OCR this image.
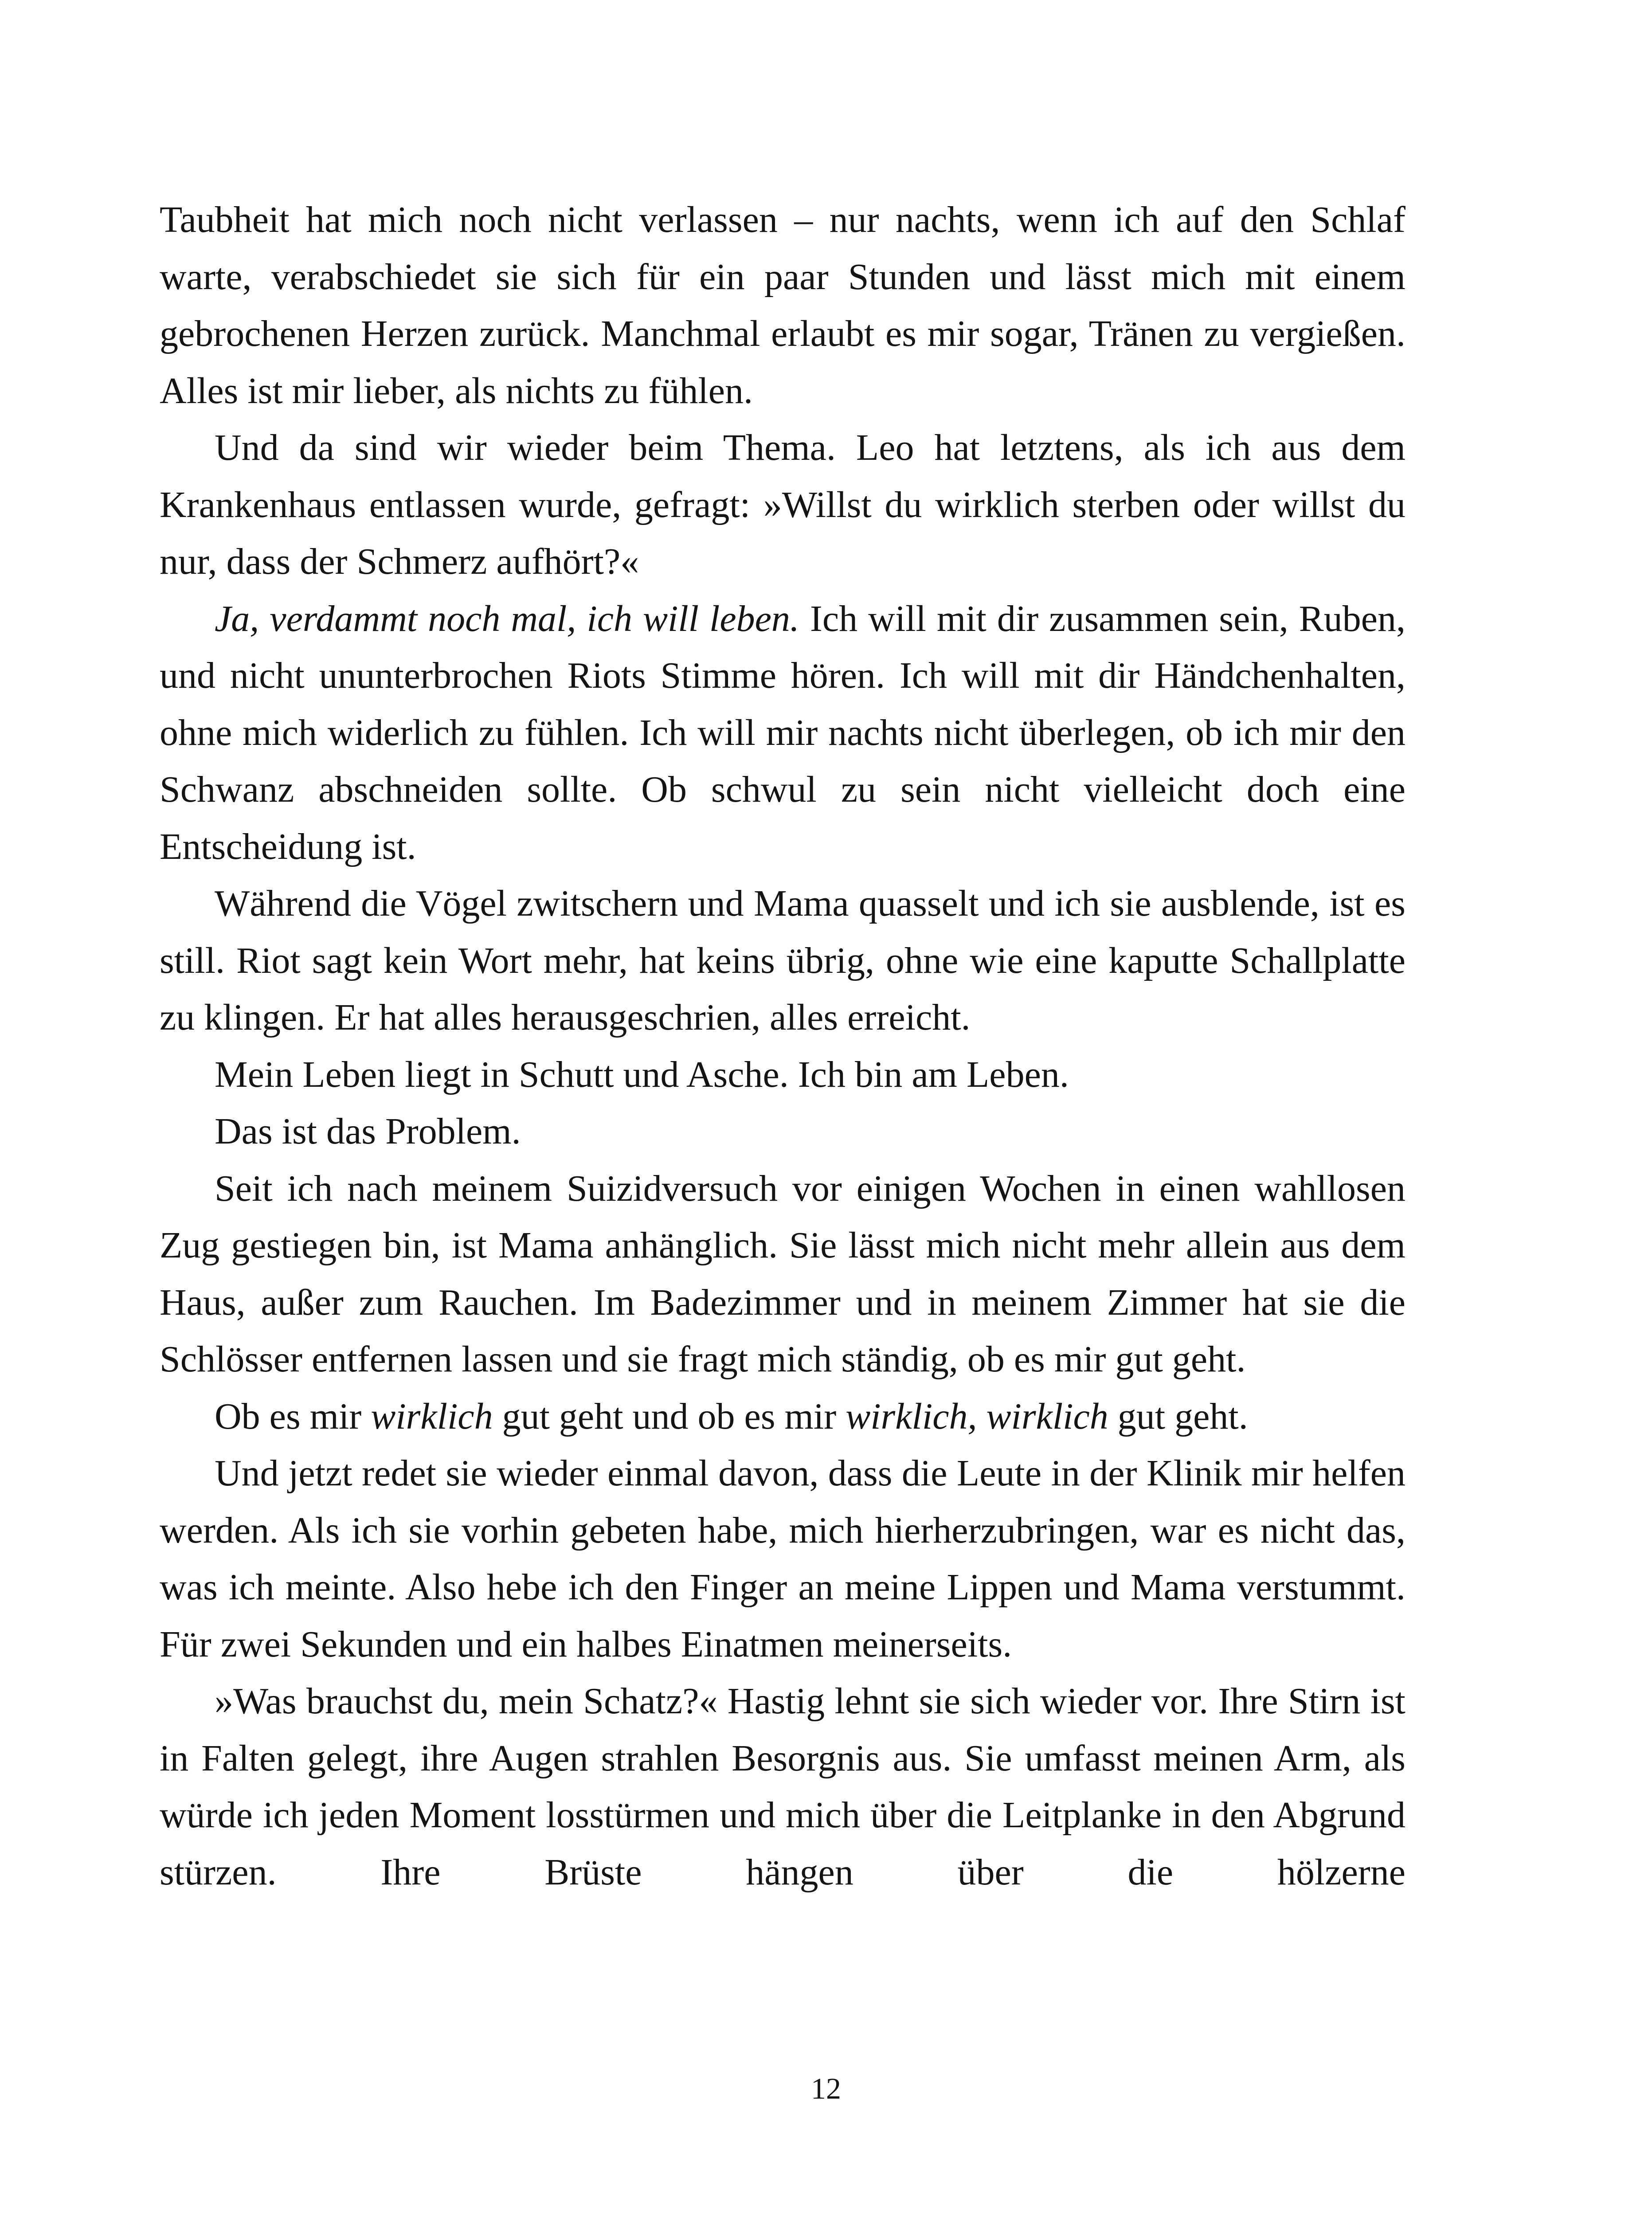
Taubheit hat mich noch nicht verlassen – nur nachts, wenn ich auf den Schlaf warte, verabschiedet sie sich für ein paar Stunden und lässt mich mit einem gebrochenen Herzen zurück. Manchmal erlaubt es mir sogar, Tränen zu vergießen. Alles ist mir lieber, als nichts zu fühlen.

Und da sind wir wieder beim Thema. Leo hat letztens, als ich aus dem Krankenhaus entlassen wurde, gefragt: »Willst du wirklich sterben oder willst du nur, dass der Schmerz aufhört?«

Ja, verdammt noch mal, ich will leben. Ich will mit dir zusammen sein, Ruben, und nicht ununterbrochen Riots Stimme hören. Ich will mit dir Händchenhalten, ohne mich widerlich zu fühlen. Ich will mir nachts nicht überlegen, ob ich mir den Schwanz abschneiden sollte. Ob schwul zu sein nicht vielleicht doch eine Entscheidung ist.

Während die Vögel zwitschern und Mama quasselt und ich sie ausblende, ist es still. Riot sagt kein Wort mehr, hat keins übrig, ohne wie eine kaputte Schallplatte zu klingen. Er hat alles herausgeschrien, alles erreicht.

Mein Leben liegt in Schutt und Asche. Ich bin am Leben.

Das ist das Problem.

Seit ich nach meinem Suizidversuch vor einigen Wochen in einen wahllosen Zug gestiegen bin, ist Mama anhänglich. Sie lässt mich nicht mehr allein aus dem Haus, außer zum Rauchen. Im Badezimmer und in meinem Zimmer hat sie die Schlösser entfernen lassen und sie fragt mich ständig, ob es mir gut geht.

Ob es mir wirklich gut geht und ob es mir wirklich, wirklich gut geht.

Und jetzt redet sie wieder einmal davon, dass die Leute in der Klinik mir helfen werden. Als ich sie vorhin gebeten habe, mich hierherzubringen, war es nicht das, was ich meinte. Also hebe ich den Finger an meine Lippen und Mama verstummt. Für zwei Sekunden und ein halbes Einatmen meinerseits.

»Was brauchst du, mein Schatz?« Hastig lehnt sie sich wieder vor. Ihre Stirn ist in Falten gelegt, ihre Augen strahlen Besorgnis aus. Sie umfasst meinen Arm, als würde ich jeden Moment losstürmen und mich über die Leitplanke in den Abgrund stürzen. Ihre Brüste hängen über die hölzerne

12
